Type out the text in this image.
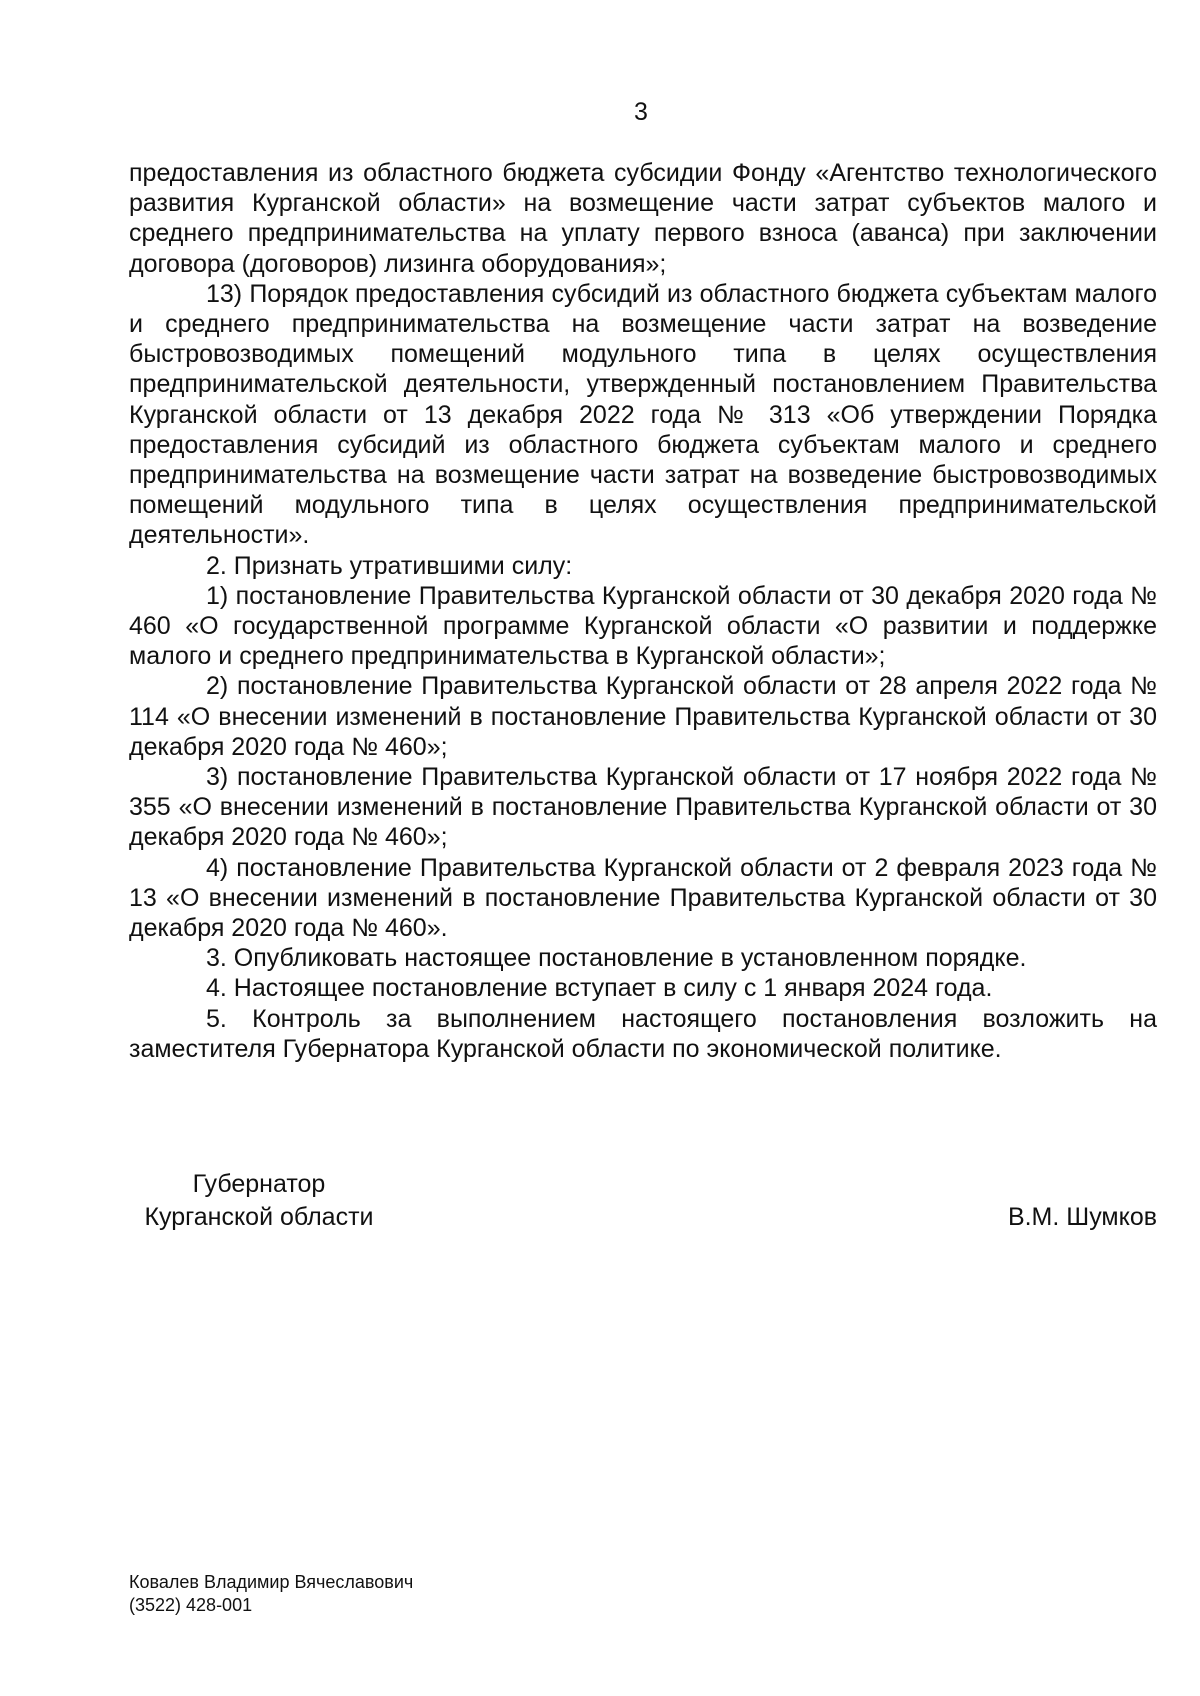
3

предоставления из областного бюджета субсидии Фонду «Агентство технологического развития Курганской области» на возмещение части затрат субъектов малого и среднего предпринимательства на уплату первого взноса (аванса) при заключении договора (договоров) лизинга оборудования»;

13) Порядок предоставления субсидий из областного бюджета субъектам малого и среднего предпринимательства на возмещение части затрат на возведение быстровозводимых помещений модульного типа в целях осуществления предпринимательской деятельности, утвержденный постановлением Правительства Курганской области от 13 декабря 2022 года № 313 «Об утверждении Порядка предоставления субсидий из областного бюджета субъектам малого и среднего предпринимательства на возмещение части затрат на возведение быстровозводимых помещений модульного типа в целях осуществления предпринимательской деятельности».

2. Признать утратившими силу:

1) постановление Правительства Курганской области от 30 декабря 2020 года № 460 «О государственной программе Курганской области «О развитии и поддержке малого и среднего предпринимательства в Курганской области»;

2) постановление Правительства Курганской области от 28 апреля 2022 года № 114 «О внесении изменений в постановление Правительства Курганской области от 30 декабря 2020 года № 460»;

3) постановление Правительства Курганской области от 17 ноября 2022 года № 355 «О внесении изменений в постановление Правительства Курганской области от 30 декабря 2020 года № 460»;

4) постановление Правительства Курганской области от 2 февраля 2023 года № 13 «О внесении изменений в постановление Правительства Курганской области от 30 декабря 2020 года № 460».

3. Опубликовать настоящее постановление в установленном порядке.

4. Настоящее постановление вступает в силу с 1 января 2024 года.

5. Контроль за выполнением настоящего постановления возложить на заместителя Губернатора Курганской области по экономической политике.

Губернатор
Курганской области	В.М. Шумков
Ковалев Владимир Вячеславович
(3522) 428-001
